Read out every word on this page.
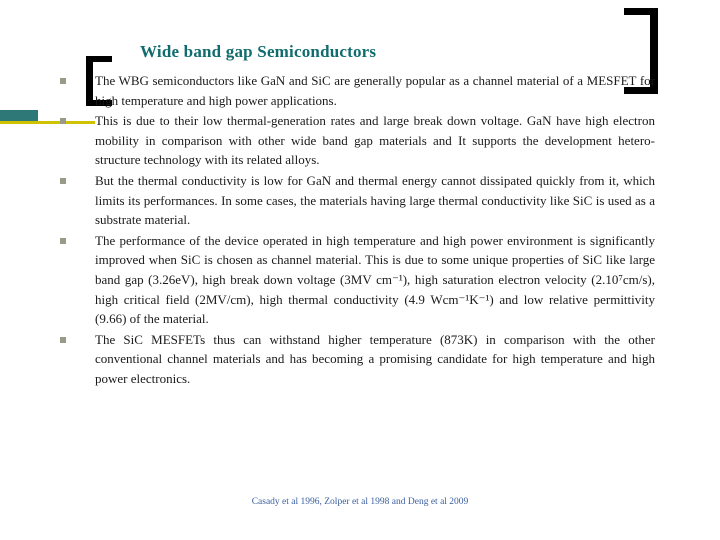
Wide band gap Semiconductors
The WBG semiconductors like GaN and SiC are generally popular as a channel material of a MESFET for high temperature and high power applications.
This is due to their low thermal-generation rates and large break down voltage. GaN have high electron mobility in comparison with other wide band gap materials and It supports the development hetero-structure technology with its related alloys.
But the thermal conductivity is low for GaN and thermal energy cannot dissipated quickly from it, which limits its performances. In some cases, the materials having large thermal conductivity like SiC is used as a substrate material.
The performance of the device operated in high temperature and high power environment is significantly improved when SiC is chosen as channel material. This is due to some unique properties of SiC like large band gap (3.26eV), high break down voltage (3MV cm⁻¹), high saturation electron velocity (2.10⁷cm/s), high critical field (2MV/cm), high thermal conductivity (4.9 Wcm⁻¹K⁻¹) and low relative permittivity (9.66) of the material.
The SiC MESFETs thus can withstand higher temperature (873K) in comparison with the other conventional channel materials and has becoming a promising candidate for high temperature and high power electronics.
Casady et al 1996, Zolper et al 1998 and Deng et al 2009
